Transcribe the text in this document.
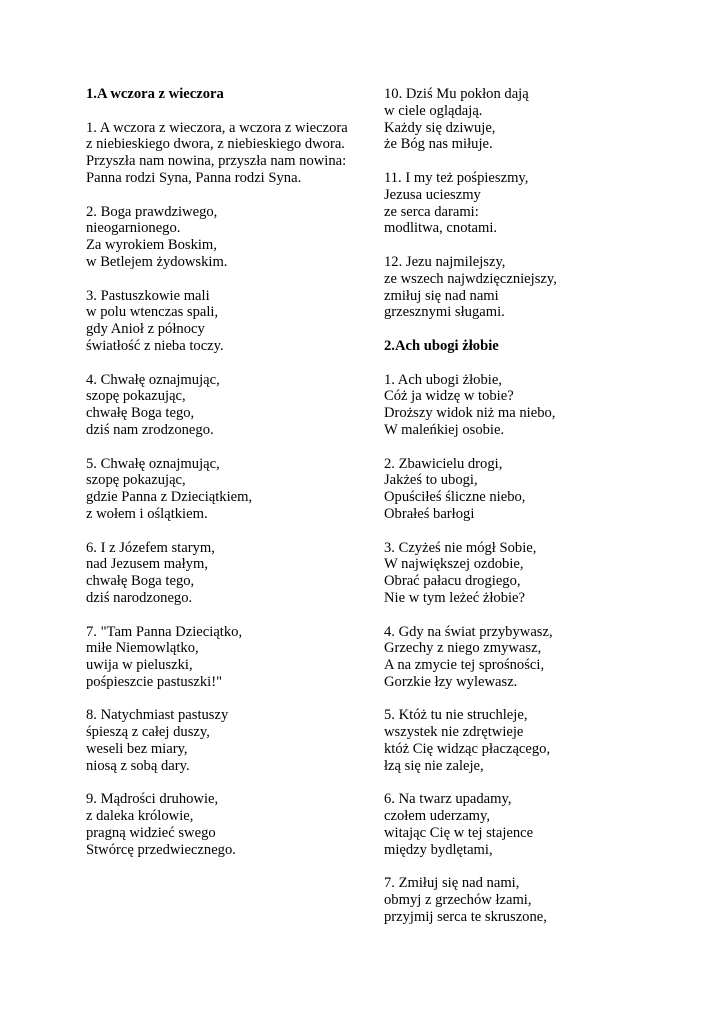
1.A wczora z wieczora
1. A wczora z wieczora, a wczora z wieczora
z niebieskiego dwora, z niebieskiego dwora.
Przyszła nam nowina, przyszła nam nowina:
Panna rodzi Syna, Panna rodzi Syna.
2. Boga prawdziwego,
nieogarnionego.
Za wyrokiem Boskim,
w Betlejem żydowskim.
3. Pastuszkowie mali
w polu wtenczas spali,
gdy Anioł z północy
światłość z nieba toczy.
4. Chwałę oznajmując,
szopę pokazując,
chwałę Boga tego,
dziś nam zrodzonego.
5. Chwałę oznajmując,
szopę pokazując,
gdzie Panna z Dzieciątkiem,
z wołem i oślątkiem.
6. I z Józefem starym,
nad Jezusem małym,
chwałę Boga tego,
dziś narodzonego.
7. "Tam Panna Dzieciątko,
miłe Niemowlątko,
uwija w pieluszki,
pośpieszcie pastuszki!"
8. Natychmiast pastuszy
śpieszą z całej duszy,
weseli bez miary,
niosą z sobą dary.
9. Mądrości druhowie,
z daleka królowie,
pragną widzieć swego
Stwórcę przedwiecznego.
10. Dziś Mu pokłon dają
w ciele oglądają.
Każdy się dziwuje,
że Bóg nas miłuje.
11. I my też pośpieszmy,
Jezusa ucieszmy
ze serca darami:
modlitwa, cnotami.
12. Jezu najmilejszy,
ze wszech najwdzięczniejszy,
zmiłuj się nad nami
grzesznymi sługami.
2.Ach ubogi żłobie
1. Ach ubogi żłobie,
Cóż ja widzę w tobie?
Droższy widok niż ma niebo,
W maleńkiej osobie.
2. Zbawicielu drogi,
Jakżeś to ubogi,
Opuściłeś śliczne niebo,
Obrałeś barłogi
3. Czyżeś nie mógł Sobie,
W największej ozdobie,
Obrać pałacu drogiego,
Nie w tym leżeć żłobie?
4. Gdy na świat przybywasz,
Grzechy z niego zmywasz,
A na zmycie tej sprośności,
Gorzkie łzy wylewasz.
5. Któż tu nie struchleje,
wszystek nie zdrętwieje
któż Cię widząc płaczącego,
łzą się nie zaleje,
6. Na twarz upadamy,
czołem uderzamy,
witając Cię w tej stajence
między bydlętami,
7. Zmiłuj się nad nami,
obmyj z grzechów łzami,
przyjmij serca te skruszone,
